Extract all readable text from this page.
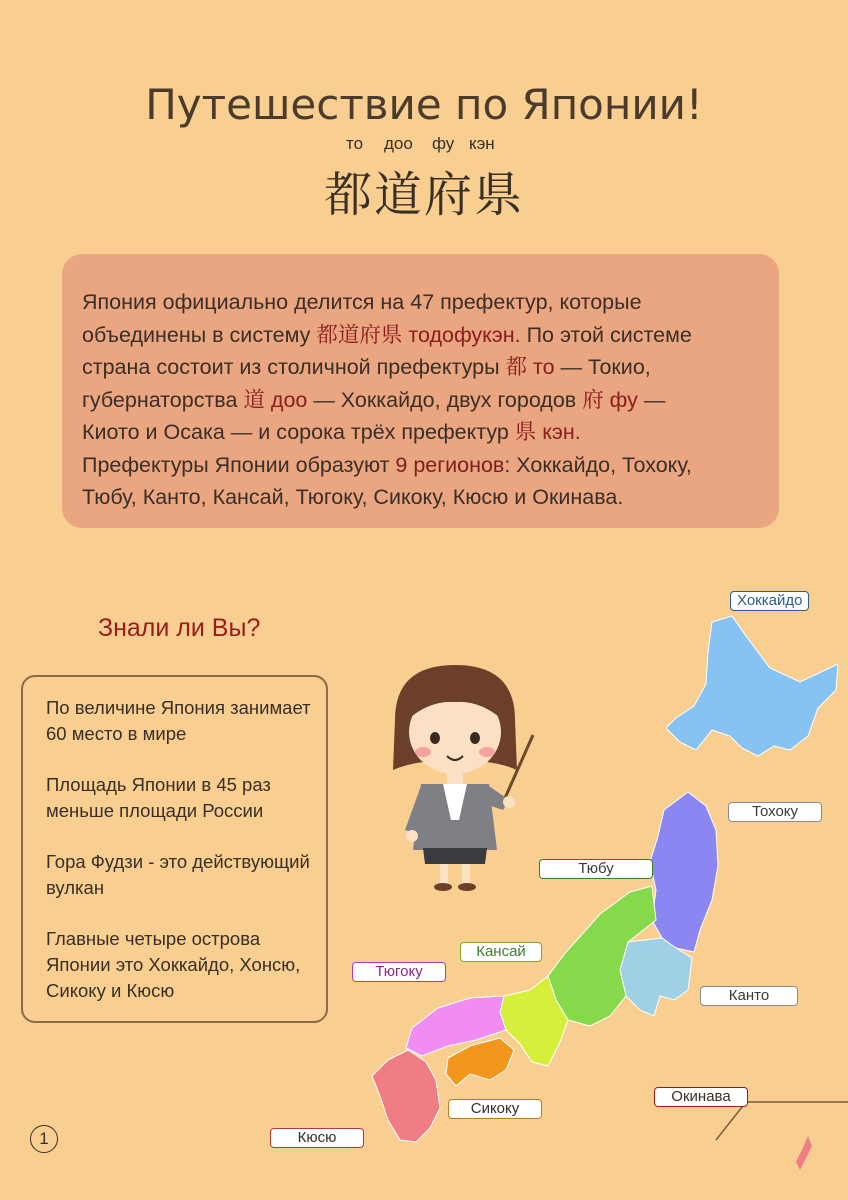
Путешествие по Японии!
то доо фу кэн
都道府県
Япония официально делится на 47 префектур, которые
объединены в систему 都道府県 тодофукэн. По этой системе
страна состоит из столичной префектуры 都 то — Токио,
губернаторства 道 доо — Хоккайдо, двух городов 府 фу —
Киото и Осака — и сорока трёх префектур 県 кэн.
Префектуры Японии образуют 9 регионов: Хоккайдо, Тохоку,
Тюбу, Канто, Кансай, Тюгоку, Сикоку, Кюсю и Окинава.
Знали ли Вы?
По величине Япония занимает 60 место в мире
Площадь Японии в 45 раз меньше площади России
Гора Фудзи - это действующий вулкан
Главные четыре острова Японии это Хоккайдо, Хонсю, Сикоку и Кюсю
Хоккайдо
Тохоку
Тюбу
Кансай
Тюгоку
Канто
Окинава
Сикоку
Кюсю
1
